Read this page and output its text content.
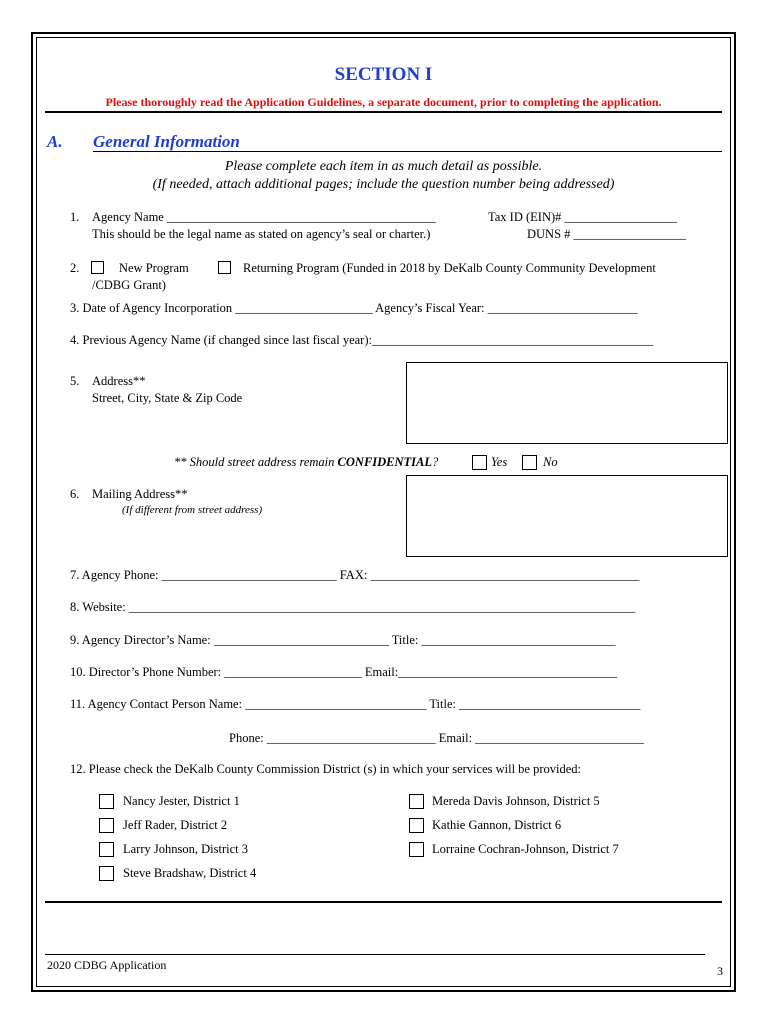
SECTION I
Please thoroughly read the Application Guidelines, a separate document, prior to completing the application.
A. General Information
Please complete each item in as much detail as possible.
(If needed, attach additional pages; include the question number being addressed)
1. Agency Name ___________________________________________	Tax ID (EIN)# __________________
This should be the legal name as stated on agency’s seal or charter.)	DUNS # __________________
2.	New Program	Returning Program (Funded in 2018 by DeKalb County Community Development
/CDBG Grant)
3. Date of Agency Incorporation ______________________ Agency’s Fiscal Year: ________________________
4. Previous Agency Name (if changed since last fiscal year):_____________________________________________
5. Address**
Street, City, State & Zip Code
** Should street address remain CONFIDENTIAL?	Yes	No
6. Mailing Address**
(If different from street address)
7. Agency Phone: ____________________________ FAX: ___________________________________________
8. Website: _________________________________________________________________________________
9. Agency Director’s Name: ____________________________ Title: _______________________________
10. Director’s Phone Number: ______________________ Email:___________________________________
11. Agency Contact Person Name: _____________________________ Title: _____________________________
Phone: ___________________________ Email: ___________________________
12. Please check the DeKalb County Commission District (s) in which your services will be provided:
Nancy Jester, District 1
Jeff Rader, District 2
Larry Johnson, District 3
Steve Bradshaw, District 4
Mereda Davis Johnson, District 5
Kathie Gannon, District 6
Lorraine Cochran-Johnson, District 7
2020 CDBG Application	3
